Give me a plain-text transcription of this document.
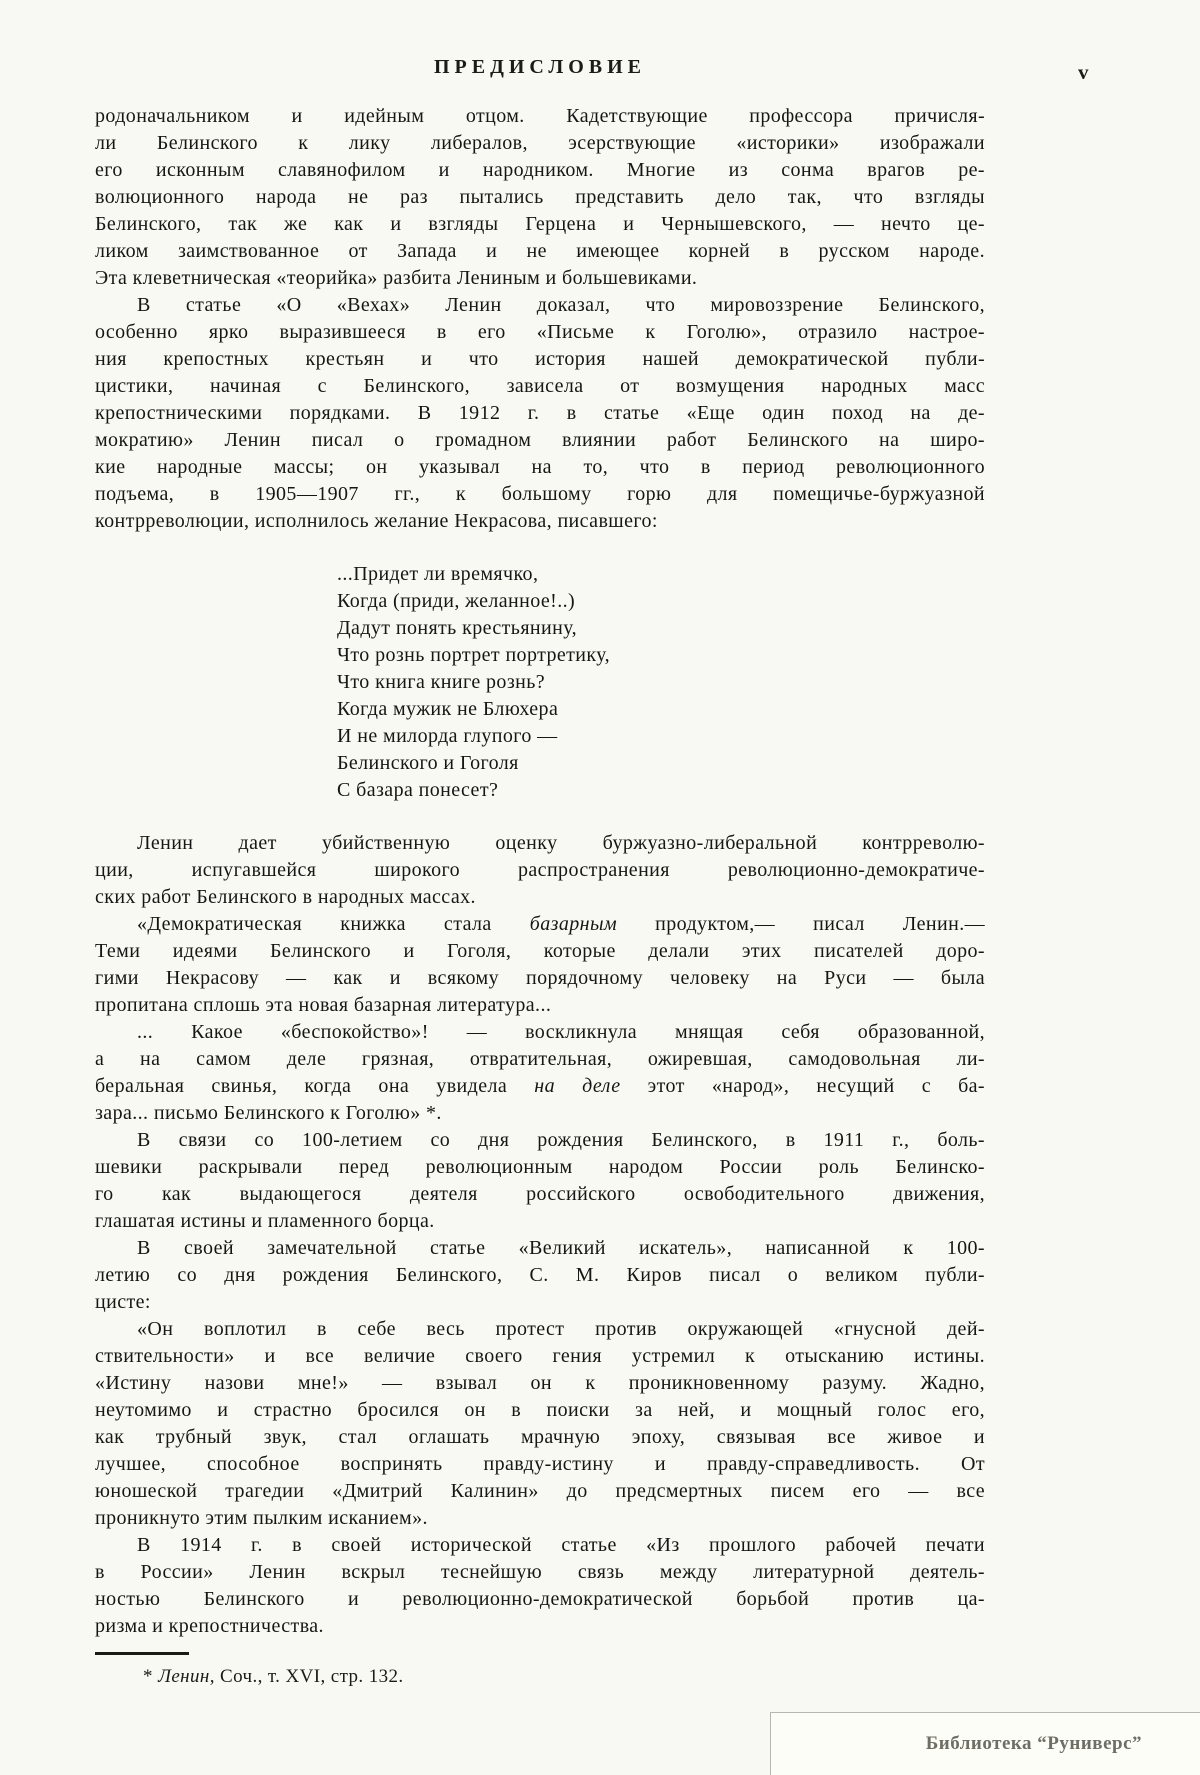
ПРЕДИСЛОВИЕ	v
родоначальником и идейным отцом. Кадетствующие профессора причисля-
ли Белинского к лику либералов, эсерствующие «историки» изображали
его исконным славянофилом и народником. Многие из сонма врагов ре-
волюционного народа не раз пытались представить дело так, что взгляды
Белинского, так же как и взгляды Герцена и Чернышевского, — нечто це-
ликом заимствованное от Запада и не имеющее корней в русском народе.
Эта клеветническая «теорийка» разбита Лениным и большевиками.
В статье «О «Вехах» Ленин доказал, что мировоззрение Белинского,
особенно ярко выразившееся в его «Письме к Гоголю», отразило настрое-
ния крепостных крестьян и что история нашей демократической публи-
цистики, начиная с Белинского, зависела от возмущения народных масс
крепостническими порядками. В 1912 г. в статье «Еще один поход на де-
мократию» Ленин писал о громадном влиянии работ Белинского на широ-
кие народные массы; он указывал на то, что в период революционного
подъема, в 1905—1907 гг., к большому горю для помещичье-буржуазной
контрреволюции, исполнилось желание Некрасова, писавшего:
...Придет ли времячко,
Когда (приди, желанное!..)
Дадут понять крестьянину,
Что рознь портрет портретику,
Что книга книге рознь?
Когда мужик не Блюхера
И не милорда глупого —
Белинского и Гоголя
С базара понесет?
Ленин дает убийственную оценку буржуазно-либеральной контрреволю-
ции, испугавшейся широкого распространения революционно-демократиче-
ских работ Белинского в народных массах.
«Демократическая книжка стала базарным продуктом,— писал Ленин.—
Теми идеями Белинского и Гоголя, которые делали этих писателей доро-
гими Некрасову — как и всякому порядочному человеку на Руси — была
пропитана сплошь эта новая базарная литература...
... Какое «беспокойство»! — воскликнула мнящая себя образованной,
а на самом деле грязная, отвратительная, ожиревшая, самодовольная ли-
беральная свинья, когда она увидела на деле этот «народ», несущий с ба-
зара... письмо Белинского к Гоголю» *.
В связи со 100-летием со дня рождения Белинского, в 1911 г., боль-
шевики раскрывали перед революционным народом России роль Белинско-
го как выдающегося деятеля российского освободительного движения,
глашатая истины и пламенного борца.
В своей замечательной статье «Великий искатель», написанной к 100-
летию со дня рождения Белинского, С. М. Киров писал о великом публи-
цисте:
«Он воплотил в себе весь протест против окружающей «гнусной дей-
ствительности» и все величие своего гения устремил к отысканию истины.
«Истину назови мне!» — взывал он к проникновенному разуму. Жадно,
неутомимо и страстно бросился он в поиски за ней, и мощный голос его,
как трубный звук, стал оглашать мрачную эпоху, связывая все живое и
лучшее, способное воспринять правду-истину и правду-справедливость. От
юношеской трагедии «Дмитрий Калинин» до предсмертных писем его — все
проникнуто этим пылким исканием».
В 1914 г. в своей исторической статье «Из прошлого рабочей печати
в России» Ленин вскрыл теснейшую связь между литературной деятель-
ностью Белинского и революционно-демократической борьбой против ца-
ризма и крепостничества.
* Ленин, Соч., т. XVI, стр. 132.
Библиотека “Руниверс”
